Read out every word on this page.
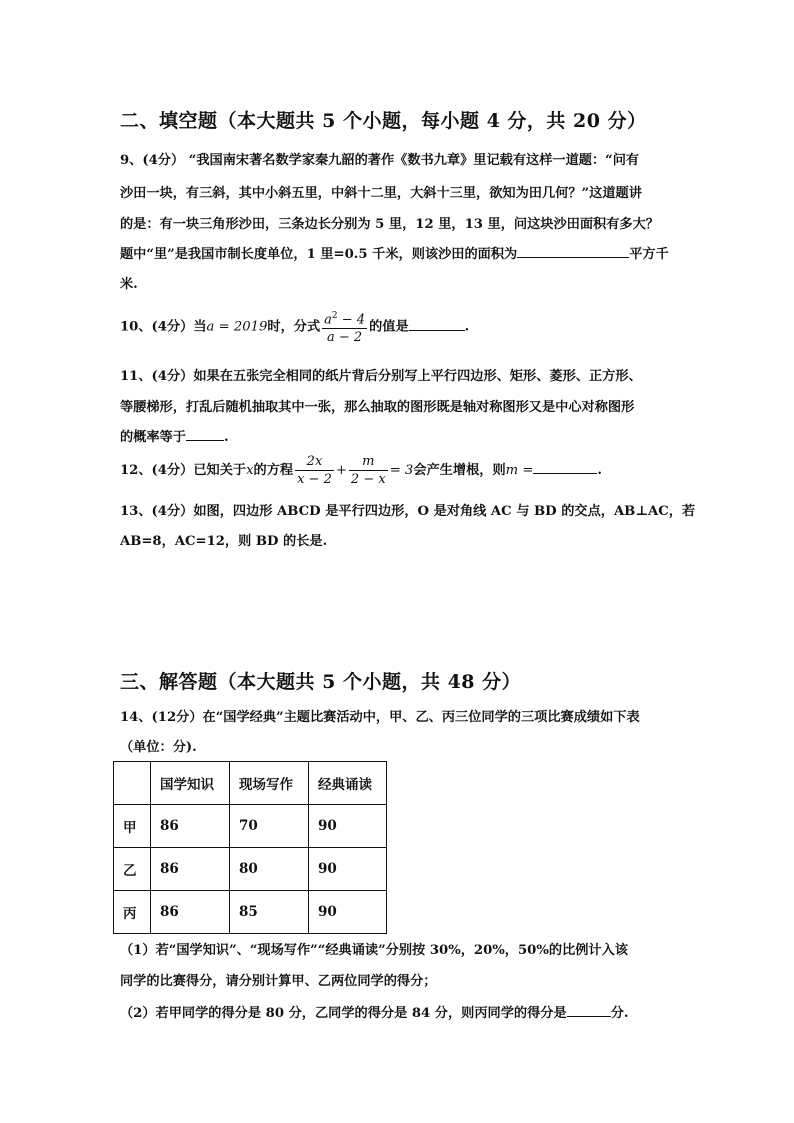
二、填空题（本大题共 5 个小题，每小题 4 分，共 20 分）
9、(4分） “我国南宋著名数学家秦九韶的著作《数书九章》里记载有这样一道题：“问有
沙田一块，有三斜，其中小斜五里，中斜十二里，大斜十三里，欲知为田几何？”这道题讲
的是：有一块三角形沙田，三条边长分别为 5 里，12 里，13 里，问这块沙田面积有多大？
题中“里”是我国市制长度单位，1 里=0.5 千米，则该沙田的面积为	平方千
米.
10、(4分）当a = 2019时，分式 $\frac{a^2 - 4}{a - 2}$ 的值是	.
11、(4分）如果在五张完全相同的纸片背后分别写上平行四边形、矩形、菱形、正方形、
等腰梯形，打乱后随机抽取其中一张，那么抽取的图形既是轴对称图形又是中心对称图形
的概率等于	.
12、(4分）已知关于x的方程 $\frac{2x}{x - 2} + \frac{m}{2 - x} = 3$会产生增根，则m =	.
13、(4分）如图，四边形 ABCD 是平行四边形，O 是对角线 AC 与 BD 的交点，AB⊥AC，若
AB=8，AC=12，则 BD 的长是.
三、解答题（本大题共 5 个小题，共 48 分）
14、(12分）在“国学经典”主题比赛活动中，甲、乙、丙三位同学的三项比赛成绩如下表
（单位：分).
	国学知识	现场写作	经典诵读
甲	86	70	90
乙	86	80	90
丙	86	85	90
（1）若“国学知识”、“现场写作”“经典诵读”分别按 30%，20%，50%的比例计入该
同学的比赛得分，请分别计算甲、乙两位同学的得分；
（2）若甲同学的得分是 80 分，乙同学的得分是 84 分，则丙同学的得分是	分.
